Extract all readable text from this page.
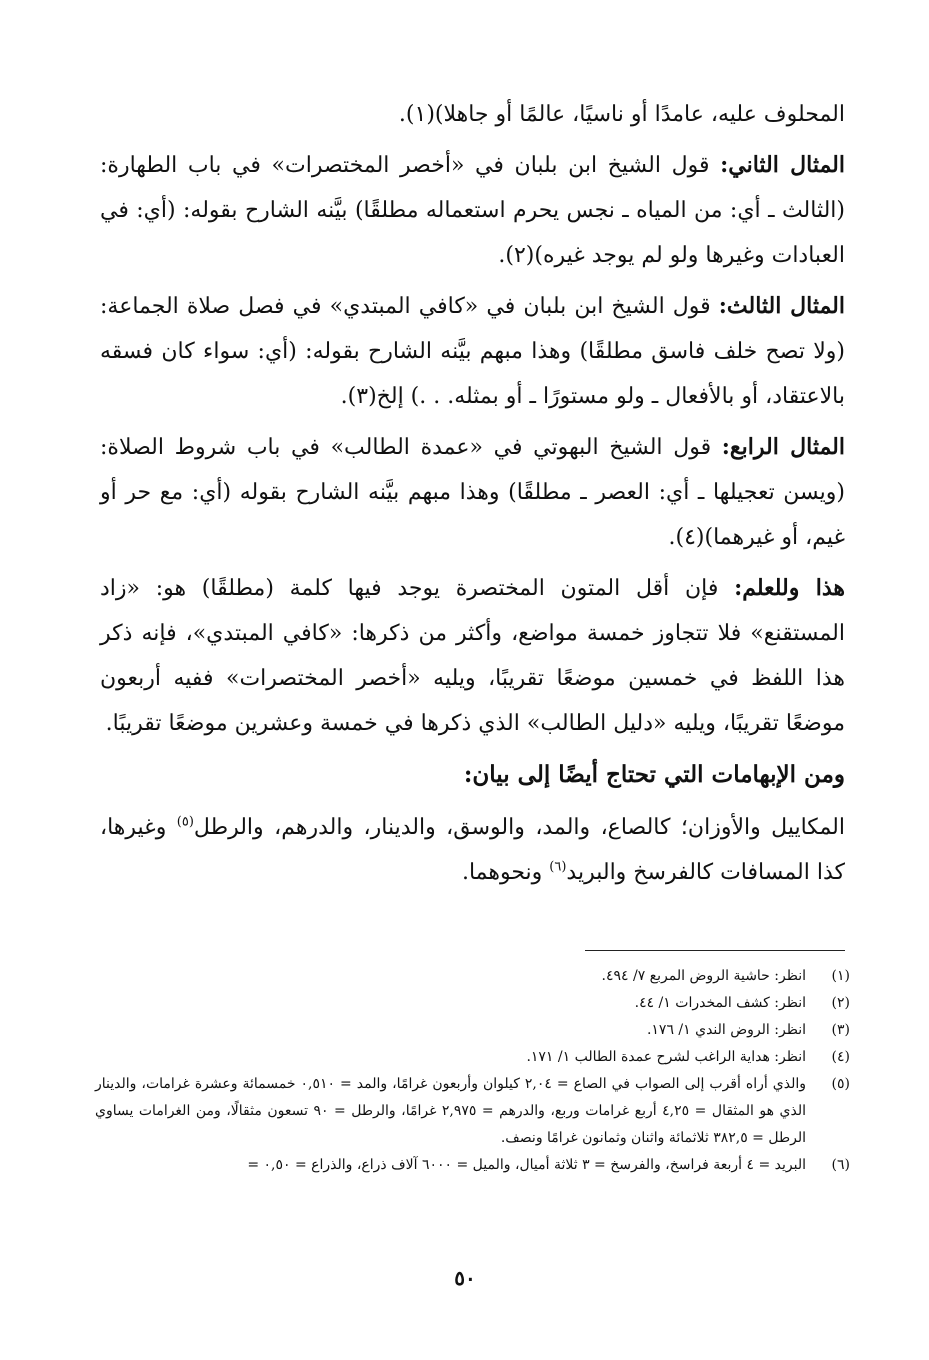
المحلوف عليه، عامدًا أو ناسيًا، عالمًا أو جاهلا)(١).

المثال الثاني: قول الشيخ ابن بلبان في «أخصر المختصرات» في باب الطهارة: (الثالث ـ أي: من المياه ـ نجس يحرم استعماله مطلقًا) بيَّنه الشارح بقوله: (أي: في العبادات وغيرها ولو لم يوجد غيره)(٢).

المثال الثالث: قول الشيخ ابن بلبان في «كافي المبتدي» في فصل صلاة الجماعة: (ولا تصح خلف فاسق مطلقًا) وهذا مبهم بيَّنه الشارح بقوله: (أي: سواء كان فسقه بالاعتقاد، أو بالأفعال ـ ولو مستورًا ـ أو بمثله. . .) إلخ(٣).

المثال الرابع: قول الشيخ البهوتي في «عمدة الطالب» في باب شروط الصلاة: (ويسن تعجيلها ـ أي: العصر ـ مطلقًا) وهذا مبهم بيَّنه الشارح بقوله (أي: مع حر أو غيم، أو غيرهما)(٤).

هذا وللعلم: فإن أقل المتون المختصرة يوجد فيها كلمة (مطلقًا) هو: «زاد المستقنع» فلا تتجاوز خمسة مواضع، وأكثر من ذكرها: «كافي المبتدي»، فإنه ذكر هذا اللفظ في خمسين موضعًا تقريبًا، ويليه «أخصر المختصرات» ففيه أربعون موضعًا تقريبًا، ويليه «دليل الطالب» الذي ذكرها في خمسة وعشرين موضعًا تقريبًا.

ومن الإبهامات التي تحتاج أيضًا إلى بيان:

المكاييل والأوزان؛ كالصاع، والمد، والوسق، والدينار، والدرهم، والرطل$^{(٥)}$ وغيرها، كذا المسافات كالفرسخ والبريد$^{(٦)}$ ونحوهما.

(١)
انظر: حاشية الروض المربع ٧/ ٤٩٤.
(٢)
انظر: كشف المخدرات ١/ ٤٤.
(٣)
انظر: الروض الندي ١/ ١٧٦.
(٤)
انظر: هداية الراغب لشرح عمدة الطالب ١/ ١٧١.
(٥)
والذي أراه أقرب إلى الصواب في الصاع = ٢,٠٤ كيلوان وأربعون غرامًا، والمد = ٠,٥١٠ خمسمائة وعشرة غرامات، والدينار الذي هو المثقال = ٤,٢٥ أربع غرامات وربع، والدرهم = ٢,٩٧٥ غرامًا، والرطل = ٩٠ تسعون مثقالًا، ومن الغرامات يساوي الرطل = ٣٨٢,٥ ثلاثمائة واثنان وثمانون غرامًا ونصف.
(٦)
البريد = ٤ أربعة فراسخ، والفرسخ = ٣ ثلاثة أميال، والميل = ٦٠٠٠ آلاف ذراع، والذراع = ٠,٥٠ =
٥٠
